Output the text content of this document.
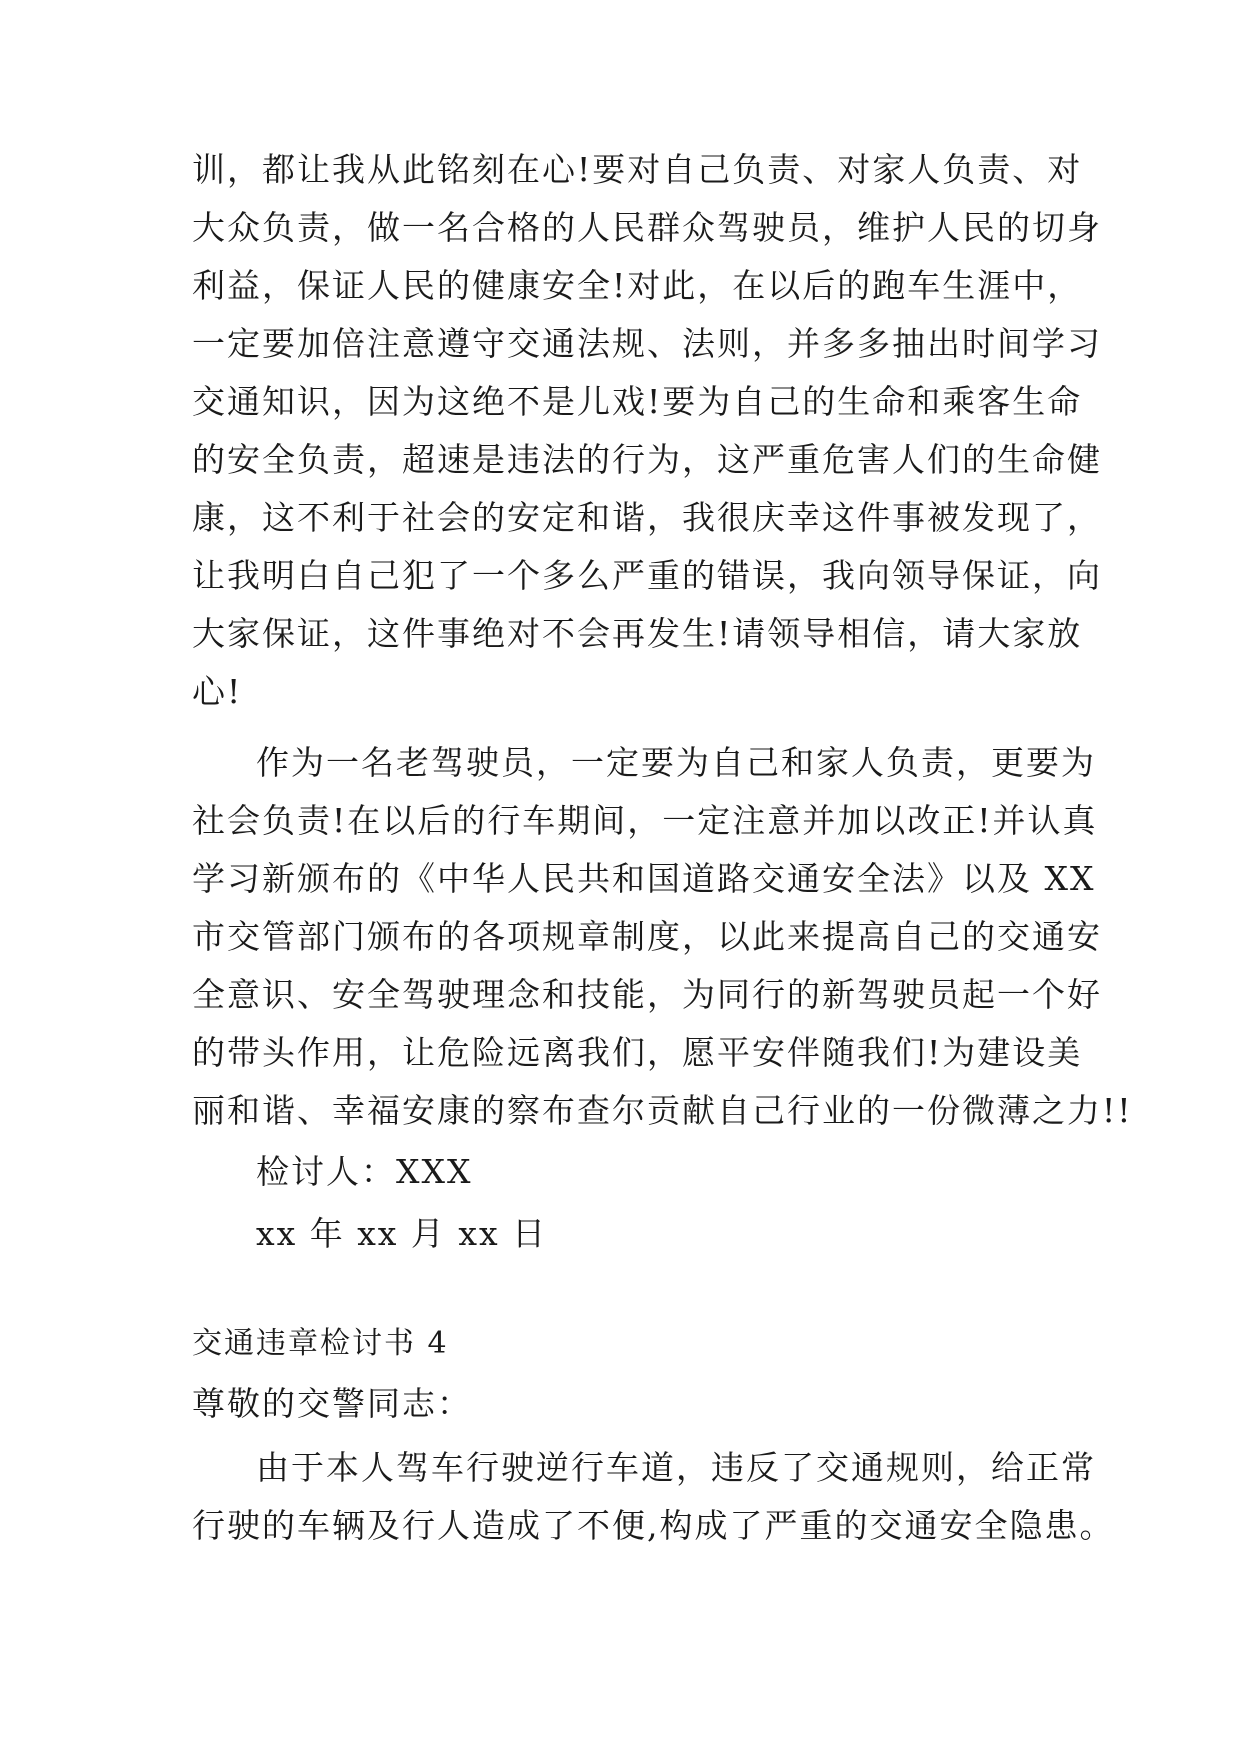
训，都让我从此铭刻在心!要对自己负责、对家人负责、对
大众负责，做一名合格的人民群众驾驶员，维护人民的切身
利益，保证人民的健康安全!对此，在以后的跑车生涯中，
一定要加倍注意遵守交通法规、法则，并多多抽出时间学习
交通知识，因为这绝不是儿戏!要为自己的生命和乘客生命
的安全负责，超速是违法的行为，这严重危害人们的生命健
康，这不利于社会的安定和谐，我很庆幸这件事被发现了，
让我明白自己犯了一个多么严重的错误，我向领导保证，向
大家保证，这件事绝对不会再发生!请领导相信，请大家放
心!
作为一名老驾驶员，一定要为自己和家人负责，更要为
社会负责!在以后的行车期间，一定注意并加以改正!并认真
学习新颁布的《中华人民共和国道路交通安全法》以及 XX
市交管部门颁布的各项规章制度，以此来提高自己的交通安
全意识、安全驾驶理念和技能，为同行的新驾驶员起一个好
的带头作用，让危险远离我们，愿平安伴随我们!为建设美
丽和谐、幸福安康的察布查尔贡献自己行业的一份微薄之力!!
检讨人：XXX
xx 年 xx 月 xx 日
交通违章检讨书 4
尊敬的交警同志：
由于本人驾车行驶逆行车道，违反了交通规则，给正常
行驶的车辆及行人造成了不便,构成了严重的交通安全隐患。
